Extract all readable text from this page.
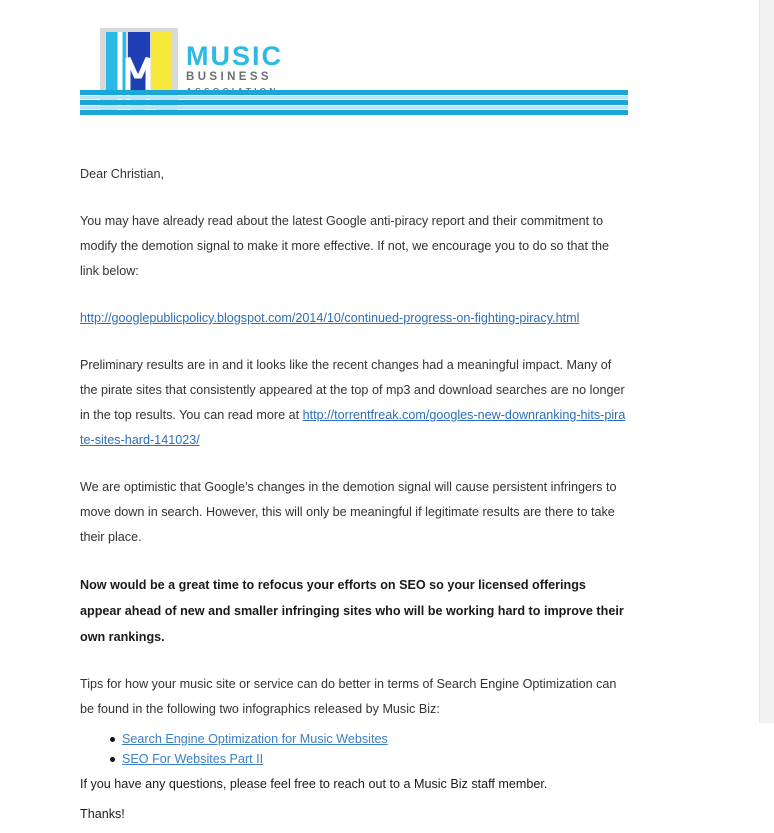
MUSIC
BUSINESS

Dear Christian,

You may have already read about the latest Google anti-piracy report and their commitment to modify the demotion signal to make it more effective. If not, we encourage you to do so that the link below:

http://googlepublicpolicy.blogspot.com/2014/10/continued-progress-on-fighting-piracy.html

Preliminary results are in and it looks like the recent changes had a meaningful impact. Many of the pirate sites that consistently appeared at the top of mp3 and download searches are no longer in the top results. You can read more at http://torrentfreak.com/googles-new-downranking-hits-pirate-sites-hard-141023/

We are optimistic that Google’s changes in the demotion signal will cause persistent infringers to move down in search. However, this will only be meaningful if legitimate results are there to take their place.

Now would be a great time to refocus your efforts on SEO so your licensed offerings appear ahead of new and smaller infringing sites who will be working hard to improve their own rankings.

Tips for how your music site or service can do better in terms of Search Engine Optimization can be found in the following two infographics released by Music Biz:

Search Engine Optimization for Music Websites
SEO For Websites Part II

If you have any questions, please feel free to reach out to a Music Biz staff member.

Thanks!
